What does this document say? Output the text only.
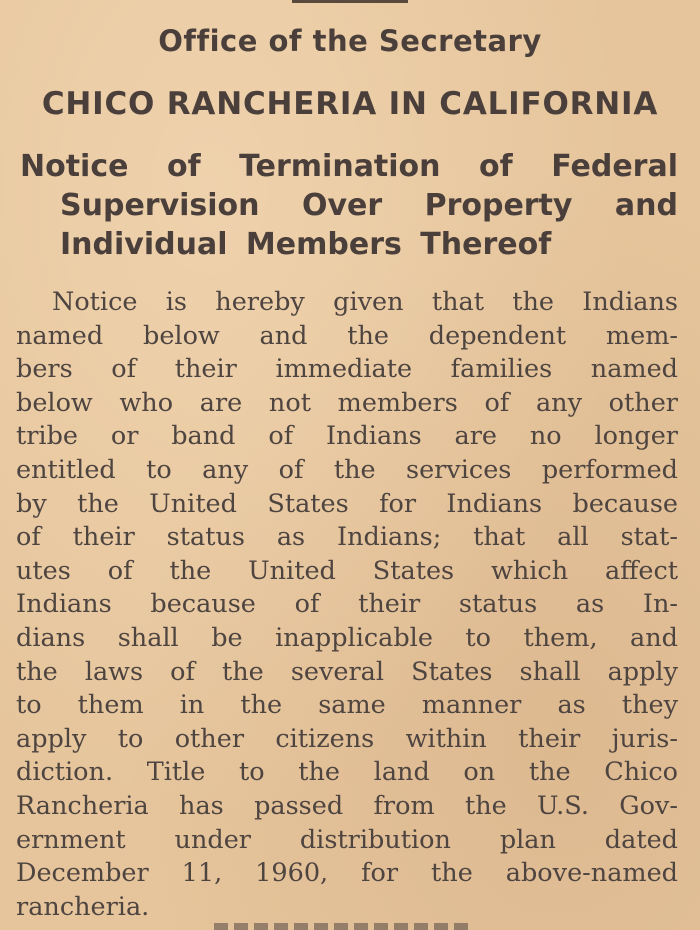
Office of the Secretary
CHICO RANCHERIA IN CALIFORNIA
Notice of Termination of Federal
Supervision Over Property and
Individual Members Thereof
Notice is hereby given that the Indians
named below and the dependent mem-
bers of their immediate families named
below who are not members of any other
tribe or band of Indians are no longer
entitled to any of the services performed
by the United States for Indians because
of their status as Indians; that all stat-
utes of the United States which affect
Indians because of their status as In-
dians shall be inapplicable to them, and
the laws of the several States shall apply
to them in the same manner as they
apply to other citizens within their juris-
diction. Title to the land on the Chico
Rancheria has passed from the U.S. Gov-
ernment under distribution plan dated
December 11, 1960, for the above-named
rancheria.
